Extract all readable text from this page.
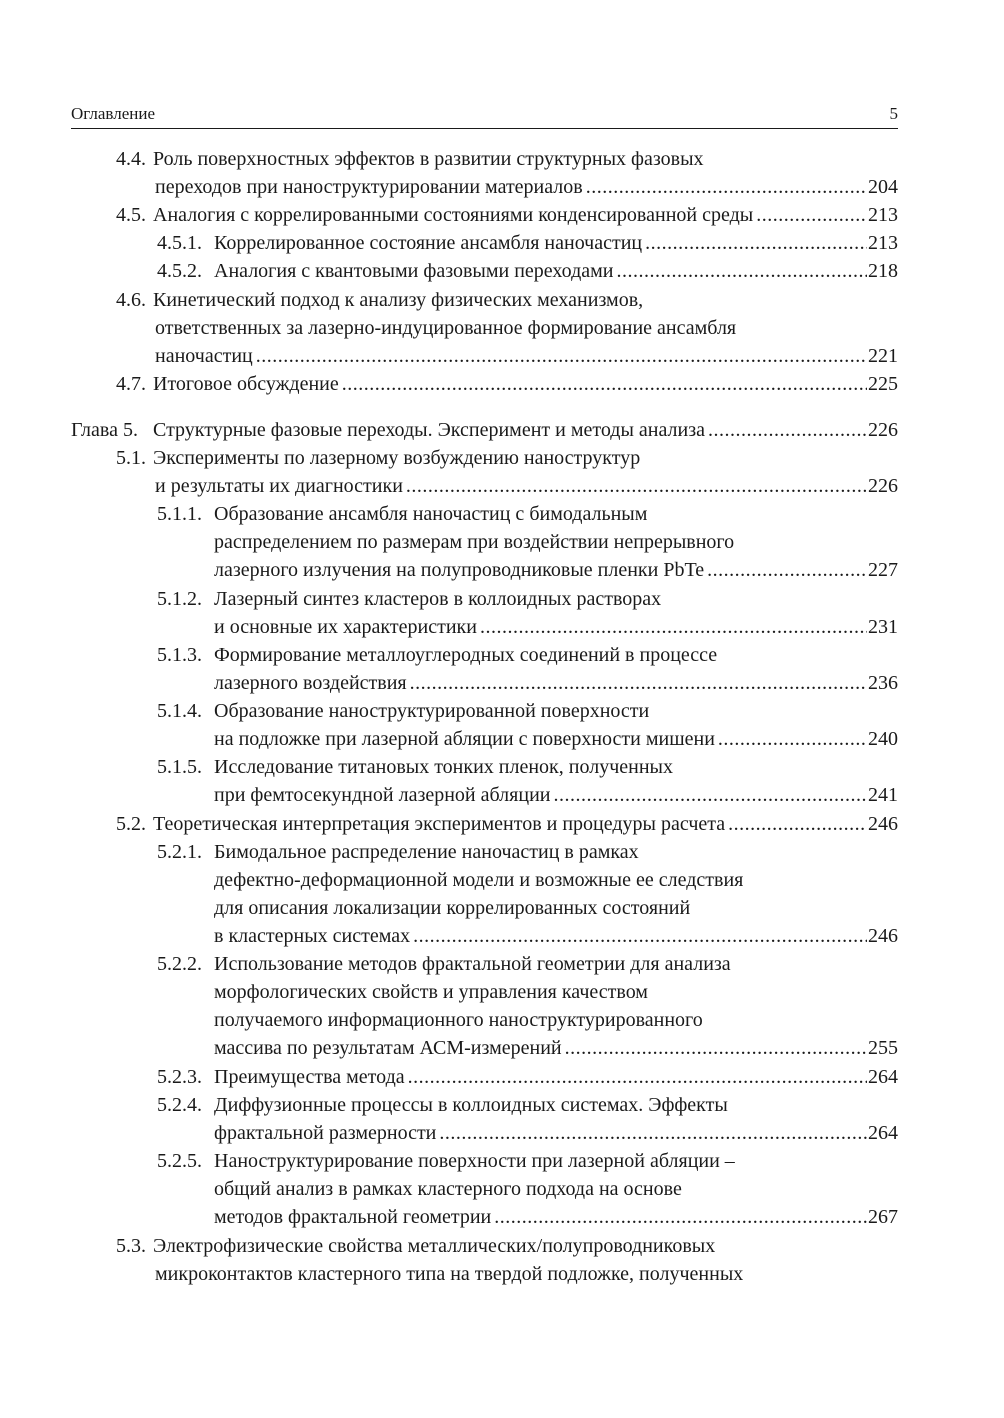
Оглавление	5
4.4. Роль поверхностных эффектов в развитии структурных фазовых
переходов при наноструктурировании материалов .....	204
4.5. Аналогия с коррелированными состояниями конденсированной среды .....	213
4.5.1. Коррелированное состояние ансамбля наночастиц .....	213
4.5.2. Аналогия с квантовыми фазовыми переходами .....	218
4.6. Кинетический подход к анализу физических механизмов,
ответственных за лазерно-индуцированное формирование ансамбля
наночастиц .....	221
4.7. Итоговое обсуждение .....	225
Глава 5. Структурные фазовые переходы. Эксперимент и методы анализа .....	226
5.1. Эксперименты по лазерному возбуждению наноструктур
и результаты их диагностики .....	226
5.1.1. Образование ансамбля наночастиц с бимодальным
распределением по размерам при воздействии непрерывного
лазерного излучения на полупроводниковые пленки PbTe .....	227
5.1.2. Лазерный синтез кластеров в коллоидных растворах
и основные их характеристики .....	231
5.1.3. Формирование металлоуглеродных соединений в процессе
лазерного воздействия .....	236
5.1.4. Образование наноструктурированной поверхности
на подложке при лазерной абляции с поверхности мишени .....	240
5.1.5. Исследование титановых тонких пленок, полученных
при фемтосекундной лазерной абляции .....	241
5.2. Теоретическая интерпретация экспериментов и процедуры расчета .....	246
5.2.1. Бимодальное распределение наночастиц в рамках
дефектно-деформационной модели и возможные ее следствия
для описания локализации коррелированных состояний
в кластерных системах .....	246
5.2.2. Использование методов фрактальной геометрии для анализа
морфологических свойств и управления качеством
получаемого информационного наноструктурированного
массива по результатам АСМ-измерений .....	255
5.2.3. Преимущества метода .....	264
5.2.4. Диффузионные процессы в коллоидных системах. Эффекты
фрактальной размерности .....	264
5.2.5. Наноструктурирование поверхности при лазерной абляции –
общий анализ в рамках кластерного подхода на основе
методов фрактальной геометрии .....	267
5.3. Электрофизические свойства металлических/полупроводниковых
микроконтактов кластерного типа на твердой подложке, полученных
